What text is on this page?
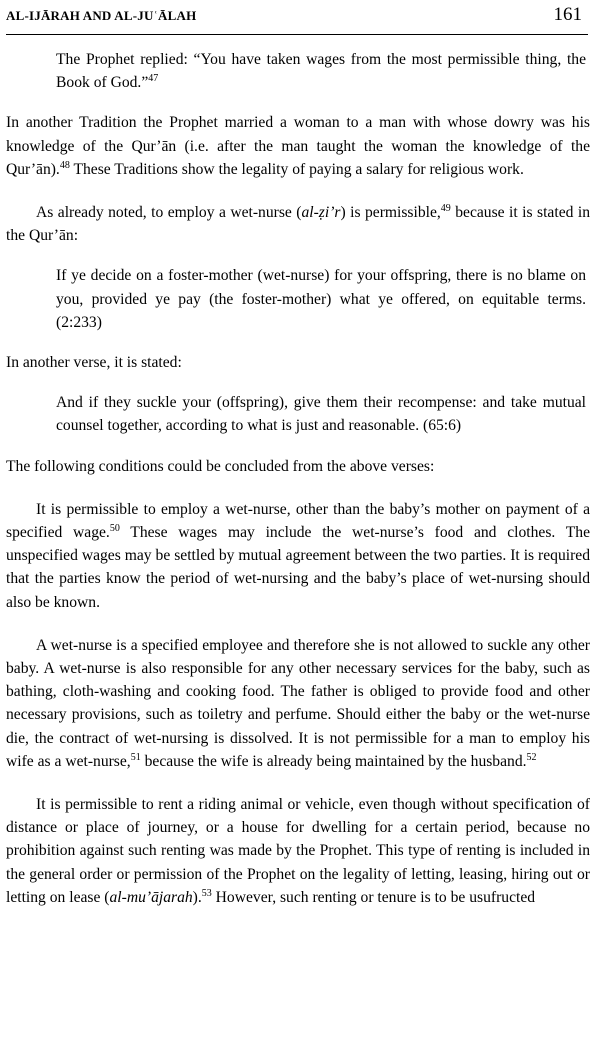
AL-IJĀRAH AND AL-JUʿĀLAH	161

The Prophet replied: “You have taken wages from the most permissible thing, the Book of God.”$^{47}$

In another Tradition the Prophet married a woman to a man with whose dowry was his knowledge of the Qur’ān (i.e. after the man taught the woman the knowledge of the Qur’ān).$^{48}$ These Traditions show the legality of paying a salary for religious work.

As already noted, to employ a wet-nurse (al-ẓi’r) is permissible,$^{49}$ because it is stated in the Qur’ān:

If ye decide on a foster-mother (wet-nurse) for your offspring, there is no blame on you, provided ye pay (the foster-mother) what ye offered, on equitable terms. (2:233)

In another verse, it is stated:

And if they suckle your (offspring), give them their recompense: and take mutual counsel together, according to what is just and reasonable. (65:6)

The following conditions could be concluded from the above verses:

It is permissible to employ a wet-nurse, other than the baby’s mother on payment of a specified wage.$^{50}$ These wages may include the wet-nurse’s food and clothes. The unspecified wages may be settled by mutual agreement between the two parties. It is required that the parties know the period of wet-nursing and the baby’s place of wet-nursing should also be known.

A wet-nurse is a specified employee and therefore she is not allowed to suckle any other baby. A wet-nurse is also responsible for any other necessary services for the baby, such as bathing, cloth-washing and cooking food. The father is obliged to provide food and other necessary provisions, such as toiletry and perfume. Should either the baby or the wet-nurse die, the contract of wet-nursing is dissolved. It is not permissible for a man to employ his wife as a wet-nurse,$^{51}$ because the wife is already being maintained by the husband.$^{52}$

It is permissible to rent a riding animal or vehicle, even though without specification of distance or place of journey, or a house for dwelling for a certain period, because no prohibition against such renting was made by the Prophet. This type of renting is included in the general order or permission of the Prophet on the legality of letting, leasing, hiring out or letting on lease (al-mu’ājarah).$^{53}$ However, such renting or tenure is to be usufructed
